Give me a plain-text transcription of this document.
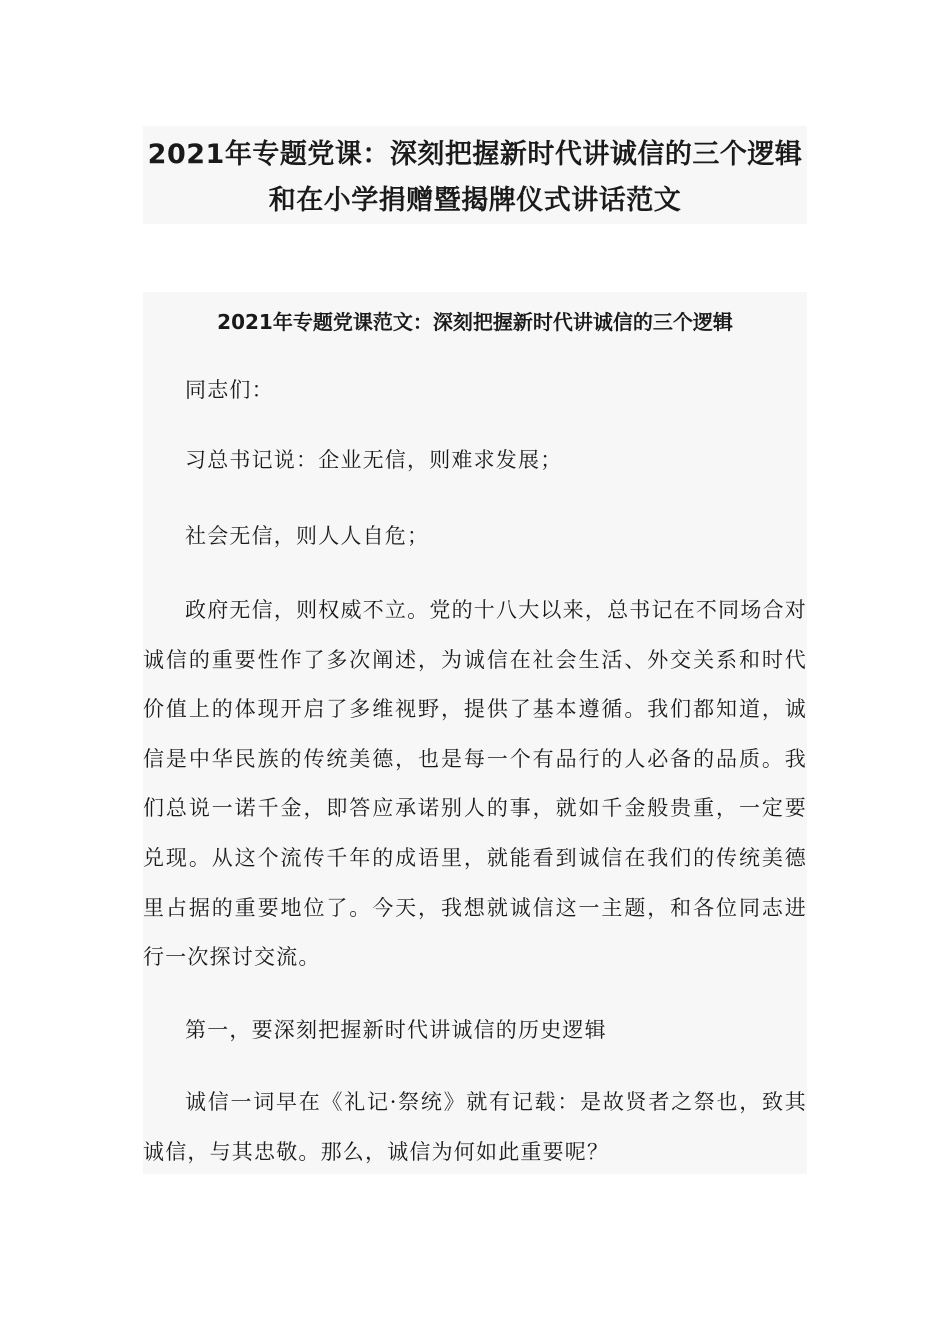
2021年专题党课：深刻把握新时代讲诚信的三个逻辑和在小学捐赠暨揭牌仪式讲话范文
2021年专题党课范文：深刻把握新时代讲诚信的三个逻辑

同志们：

习总书记说：企业无信，则难求发展；

社会无信，则人人自危；

政府无信，则权威不立。党的十八大以来，总书记在不同场合对诚信的重要性作了多次阐述，为诚信在社会生活、外交关系和时代价值上的体现开启了多维视野，提供了基本遵循。我们都知道，诚信是中华民族的传统美德，也是每一个有品行的人必备的品质。我们总说一诺千金，即答应承诺别人的事，就如千金般贵重，一定要兑现。从这个流传千年的成语里，就能看到诚信在我们的传统美德里占据的重要地位了。今天，我想就诚信这一主题，和各位同志进行一次探讨交流。

第一，要深刻把握新时代讲诚信的历史逻辑

诚信一词早在《礼记·祭统》就有记载：是故贤者之祭也，致其诚信，与其忠敬。那么，诚信为何如此重要呢？
